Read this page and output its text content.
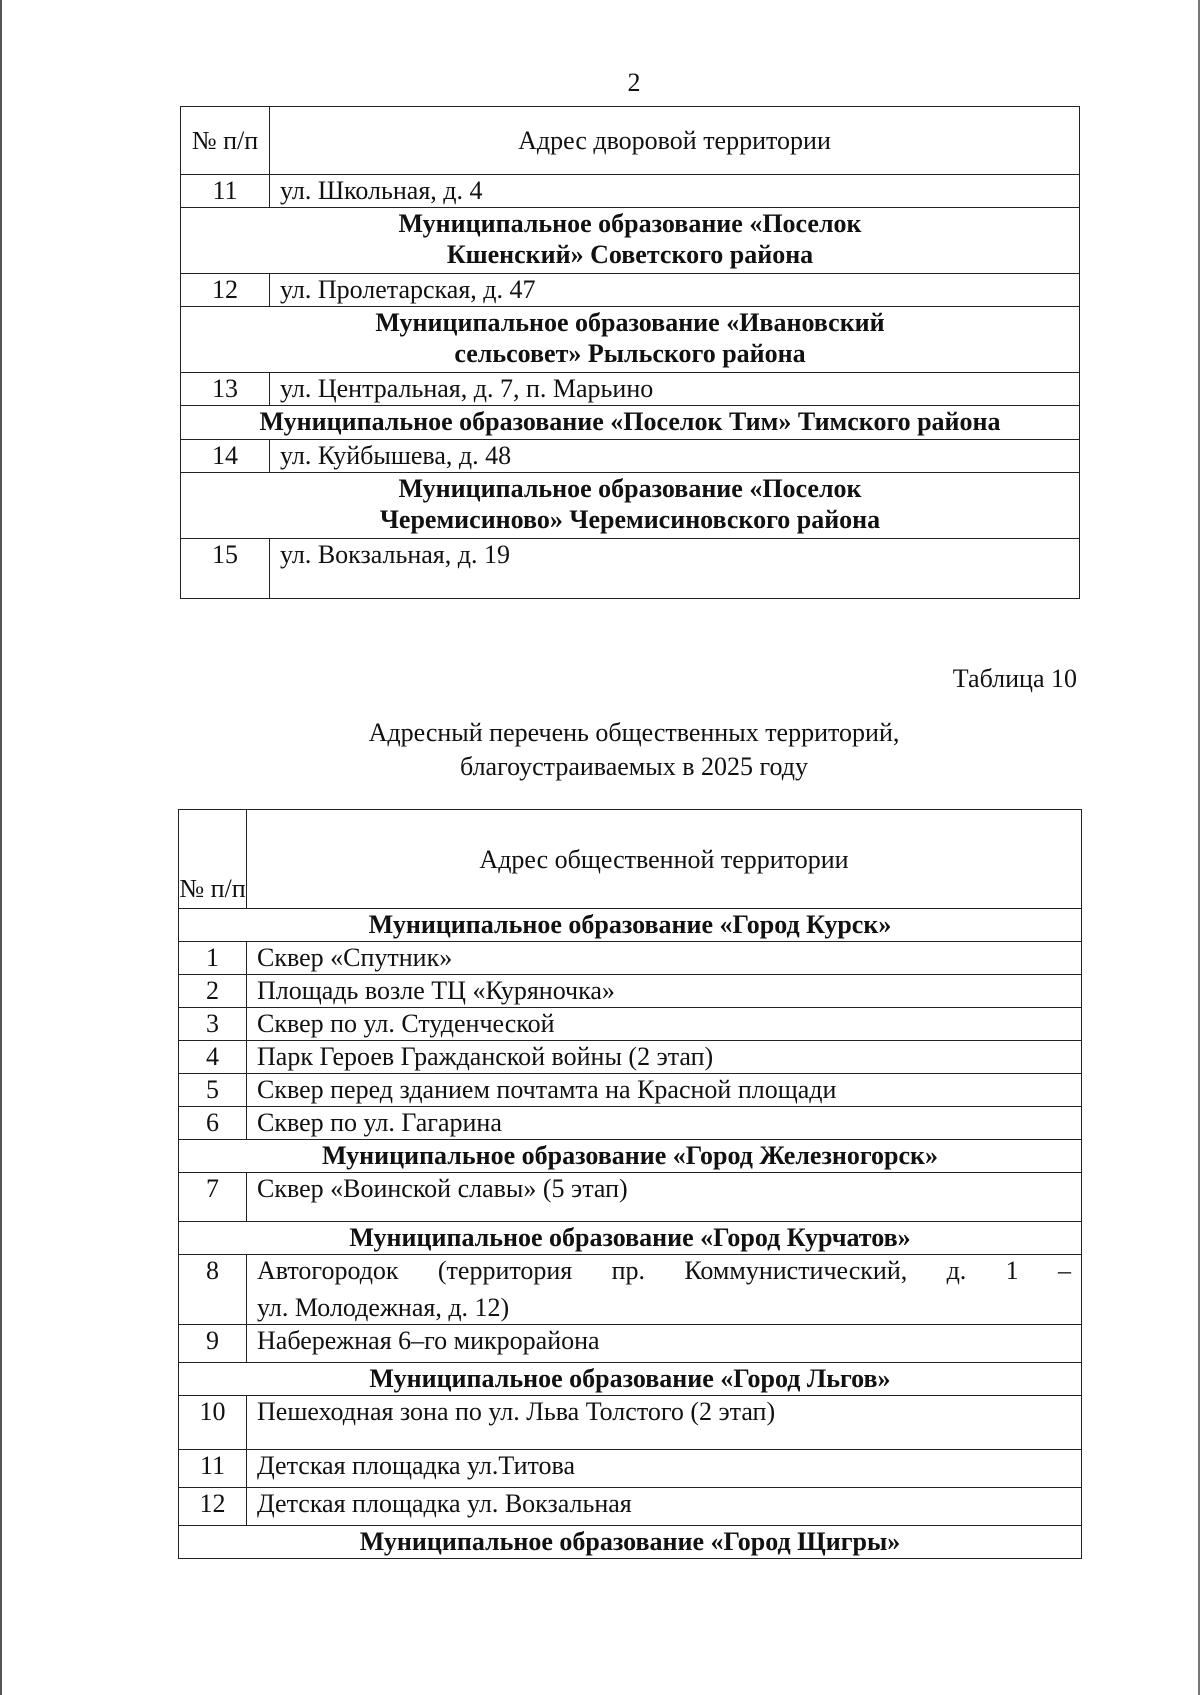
2
№ п/п	Адрес дворовой территории
11	ул. Школьная, д. 4
Муниципальное образование «Поселок Кшенский» Советского района	
12	ул. Пролетарская, д. 47
Муниципальное образование «Ивановский сельсовет» Рыльского района	
13	ул. Центральная, д. 7, п. Марьино
Муниципальное образование «Поселок Тим» Тимского района	
14	ул. Куйбышева, д. 48
Муниципальное образование «Поселок Черемисиново» Черемисиновского района	
15	ул. Вокзальная, д. 19
Таблица 10
Адресный перечень общественных территорий,
благоустраиваемых в 2025 году
№ п/п	Адрес общественной территории
Муниципальное образование «Город Курск»	
1	Сквер «Спутник»
2	Площадь возле ТЦ «Куряночка»
3	Сквер по ул. Студенческой
4	Парк Героев Гражданской войны (2 этап)
5	Сквер перед зданием почтамта на Красной площади
6	Сквер по ул. Гагарина
Муниципальное образование «Город Железногорск»	
7	Сквер «Воинской славы» (5 этап)
Муниципальное образование «Город Курчатов»	
8	Автогородок (территория пр. Коммунистический, д. 1 –
ул. Молодежная, д. 12)

9	Набережная 6–го микрорайона
Муниципальное образование «Город Льгов»	
10	Пешеходная зона по ул. Льва Толстого (2 этап)
11	Детская площадка ул.Титова
12	Детская площадка ул. Вокзальная
Муниципальное образование «Город Щигры»	
